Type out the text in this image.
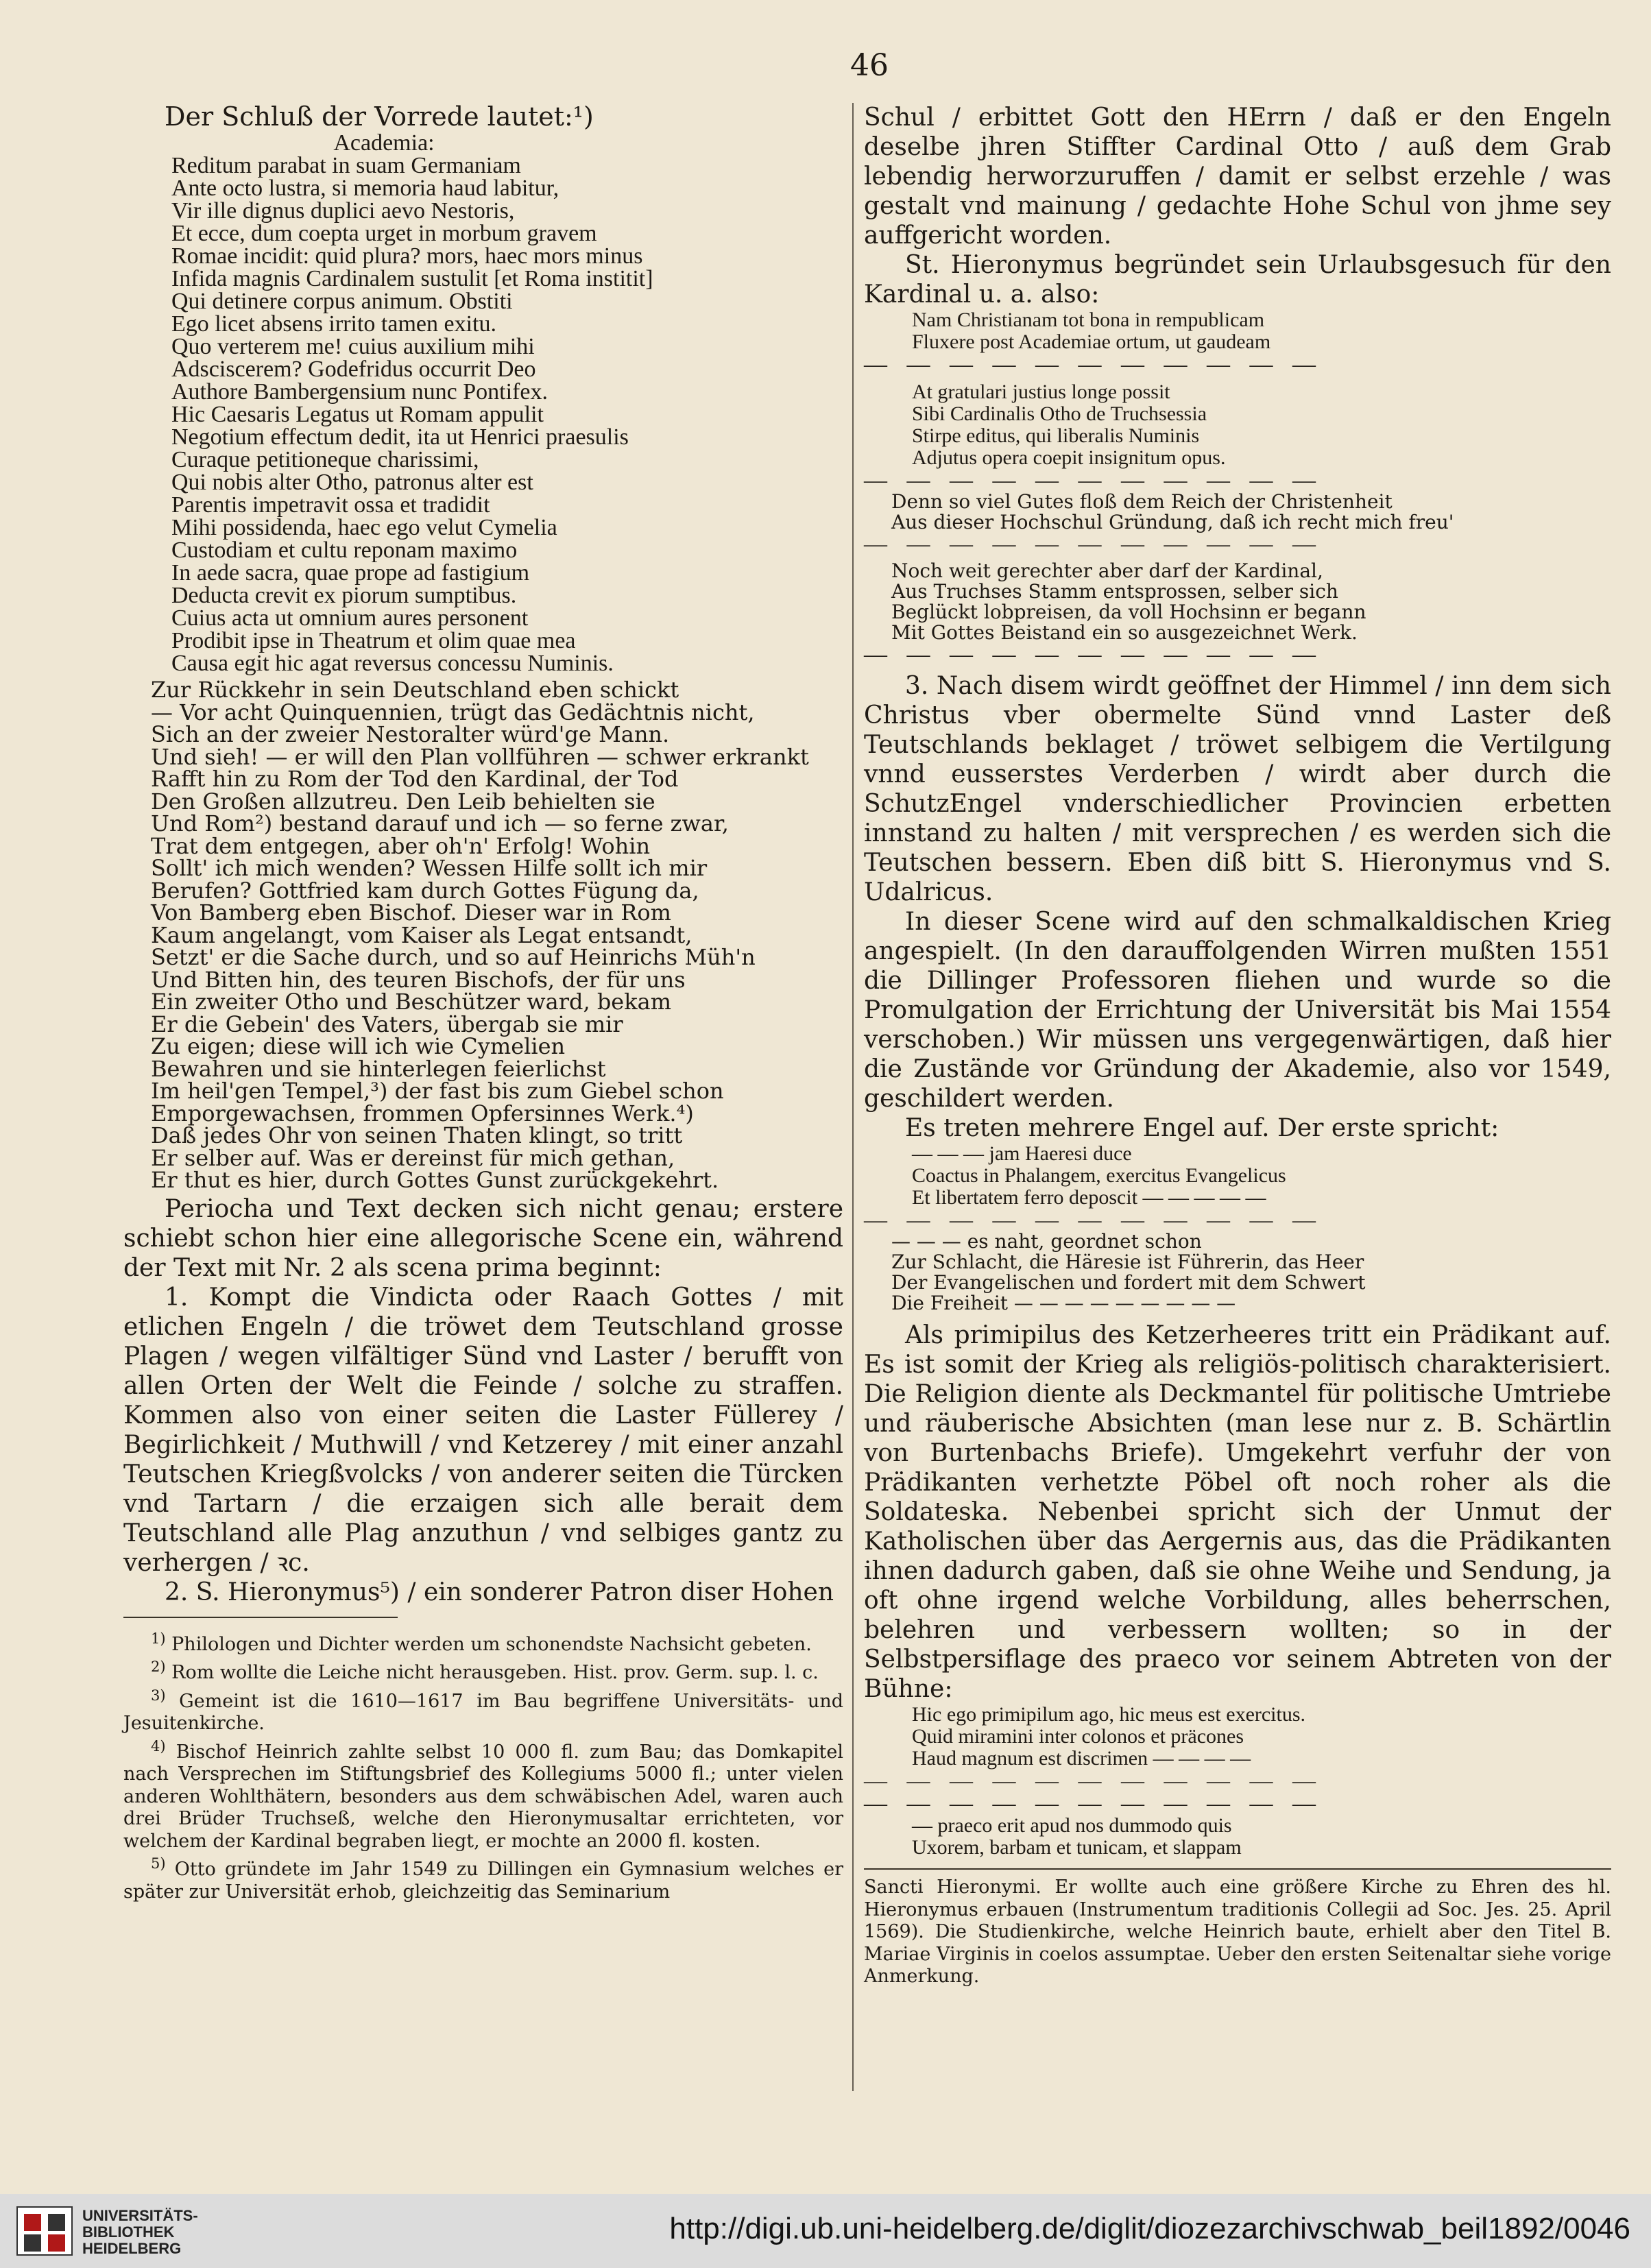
46
Der Schluß der Vorrede lautet:¹)
Academia:
Reditum parabat in suam Germaniam
Ante octo lustra, si memoria haud labitur,
Vir ille dignus duplici aevo Nestoris,
Et ecce, dum coepta urget in morbum gravem
Romae incidit: quid plura? mors, haec mors minus
Infida magnis Cardinalem sustulit [et Roma institit]
Qui detinere corpus animum. Obstiti
Ego licet absens irrito tamen exitu.
Quo verterem me! cuius auxilium mihi
Adsciscerem? Godefridus occurrit Deo
Authore Bambergensium nunc Pontifex.
Hic Caesaris Legatus ut Romam appulit
Negotium effectum dedit, ita ut Henrici praesulis
Curaque petitioneque charissimi,
Qui nobis alter Otho, patronus alter est
Parentis impetravit ossa et tradidit
Mihi possidenda, haec ego velut Cymelia
Custodiam et cultu reponam maximo
In aede sacra, quae prope ad fastigium
Deducta crevit ex piorum sumptibus.
Cuius acta ut omnium aures personent
Prodibit ipse in Theatrum et olim quae mea
Causa egit hic agat reversus concessu Numinis.
Zur Rückkehr in sein Deutschland eben schickt
— Vor acht Quinquennien, trügt das Gedächtnis nicht,
Sich an der zweier Nestoralter würd'ge Mann.
Und sieh! — er will den Plan vollführen — schwer erkrankt
Rafft hin zu Rom der Tod den Kardinal, der Tod
Den Großen allzutreu. Den Leib behielten sie
Und Rom²) bestand darauf und ich — so ferne zwar,
Trat dem entgegen, aber oh'n' Erfolg! Wohin
Sollt' ich mich wenden? Wessen Hilfe sollt ich mir
Berufen? Gottfried kam durch Gottes Fügung da,
Von Bamberg eben Bischof. Dieser war in Rom
Kaum angelangt, vom Kaiser als Legat entsandt,
Setzt' er die Sache durch, und so auf Heinrichs Müh'n
Und Bitten hin, des teuren Bischofs, der für uns
Ein zweiter Otho und Beschützer ward, bekam
Er die Gebein' des Vaters, übergab sie mir
Zu eigen; diese will ich wie Cymelien
Bewahren und sie hinterlegen feierlichst
Im heil'gen Tempel,³) der fast bis zum Giebel schon
Emporgewachsen, frommen Opfersinnes Werk.⁴)
Daß jedes Ohr von seinen Thaten klingt, so tritt
Er selber auf. Was er dereinst für mich gethan,
Er thut es hier, durch Gottes Gunst zurückgekehrt.
Periocha und Text decken sich nicht genau; erstere schiebt schon hier eine allegorische Scene ein, während der Text mit Nr. 2 als scena prima beginnt:
1. Kompt die Vindicta oder Raach Gottes / mit etlichen Engeln / die tröwet dem Teutschland grosse Plagen / wegen vilfältiger Sünd vnd Laster / berufft von allen Orten der Welt die Feinde / solche zu straffen. Kommen also von einer seiten die Laster Füllerey / Begirlichkeit / Muthwill / vnd Ketzerey / mit einer anzahl Teutschen Kriegßvolcks / von anderer seiten die Türcken vnd Tartarn / die erzaigen sich alle berait dem Teutschland alle Plag anzuthun / vnd selbiges gantz zu verhergen / ꝛc.
2. S. Hieronymus⁵) / ein sonderer Patron diser Hohen
$^{1)}$ Philologen und Dichter werden um schonendste Nachsicht gebeten.
$^{2)}$ Rom wollte die Leiche nicht herausgeben. Hist. prov. Germ. sup. l. c.
$^{3)}$ Gemeint ist die 1610—1617 im Bau begriffene Universitäts- und Jesuitenkirche.
$^{4)}$ Bischof Heinrich zahlte selbst 10 000 fl. zum Bau; das Domkapitel nach Versprechen im Stiftungsbrief des Kollegiums 5000 fl.; unter vielen anderen Wohlthätern, besonders aus dem schwäbischen Adel, waren auch drei Brüder Truchseß, welche den Hieronymusaltar errichteten, vor welchem der Kardinal begraben liegt, er mochte an 2000 fl. kosten.
$^{5)}$ Otto gründete im Jahr 1549 zu Dillingen ein Gymnasium welches er später zur Universität erhob, gleichzeitig das Seminarium
Schul / erbittet Gott den HErrn / daß er den Engeln deselbe jhren Stiffter Cardinal Otto / auß dem Grab lebendig herworzuruffen / damit er selbst erzehle / was gestalt vnd mainung / gedachte Hohe Schul von jhme sey auffgericht worden.
St. Hieronymus begründet sein Urlaubsgesuch für den Kardinal u. a. also:
Nam Christianam tot bona in rempublicam
Fluxere post Academiae ortum, ut gaudeam
— — — — — — — — — — —
At gratulari justius longe possit
Sibi Cardinalis Otho de Truchsessia
Stirpe editus, qui liberalis Numinis
Adjutus opera coepit insignitum opus.
— — — — — — — — — — —
Denn so viel Gutes floß dem Reich der Christenheit
Aus dieser Hochschul Gründung, daß ich recht mich freu'
— — — — — — — — — — —
Noch weit gerechter aber darf der Kardinal,
Aus Truchses Stamm entsprossen, selber sich
Beglückt lobpreisen, da voll Hochsinn er begann
Mit Gottes Beistand ein so ausgezeichnet Werk.
— — — — — — — — — — —
3. Nach disem wirdt geöffnet der Himmel / inn dem sich Christus vber obermelte Sünd vnnd Laster deß Teutschlands beklaget / tröwet selbigem die Vertilgung vnnd eusserstes Verderben / wirdt aber durch die SchutzEngel vnderschiedlicher Provincien erbetten innstand zu halten / mit versprechen / es werden sich die Teutschen bessern. Eben diß bitt S. Hieronymus vnd S. Udalricus.
In dieser Scene wird auf den schmalkaldischen Krieg angespielt. (In den darauffolgenden Wirren mußten 1551 die Dillinger Professoren fliehen und wurde so die Promulgation der Errichtung der Universität bis Mai 1554 verschoben.) Wir müssen uns vergegenwärtigen, daß hier die Zustände vor Gründung der Akademie, also vor 1549, geschildert werden.
Es treten mehrere Engel auf. Der erste spricht:
— — — jam Haeresi duce
Coactus in Phalangem, exercitus Evangelicus
Et libertatem ferro deposcit — — — — —
— — — — — — — — — — —
— — — es naht, geordnet schon
Zur Schlacht, die Häresie ist Führerin, das Heer
Der Evangelischen und fordert mit dem Schwert
Die Freiheit — — — — — — — — —
Als primipilus des Ketzerheeres tritt ein Prädikant auf. Es ist somit der Krieg als religiös-politisch charakterisiert. Die Religion diente als Deckmantel für politische Umtriebe und räuberische Absichten (man lese nur z. B. Schärtlin von Burtenbachs Briefe). Umgekehrt verfuhr der von Prädikanten verhetzte Pöbel oft noch roher als die Soldateska. Nebenbei spricht sich der Unmut der Katholischen über das Aergernis aus, das die Prädikanten ihnen dadurch gaben, daß sie ohne Weihe und Sendung, ja oft ohne irgend welche Vorbildung, alles beherrschen, belehren und verbessern wollten; so in der Selbstpersiflage des praeco vor seinem Abtreten von der Bühne:
Hic ego primipilum ago, hic meus est exercitus.
Quid miramini inter colonos et präcones
Haud magnum est discrimen — — — —
— — — — — — — — — — —
— — — — — — — — — — —
— praeco erit apud nos dummodo quis
Uxorem, barbam et tunicam, et slappam
Sancti Hieronymi. Er wollte auch eine größere Kirche zu Ehren des hl. Hieronymus erbauen (Instrumentum traditionis Collegii ad Soc. Jes. 25. April 1569). Die Studienkirche, welche Heinrich baute, erhielt aber den Titel B. Mariae Virginis in coelos assumptae. Ueber den ersten Seitenaltar siehe vorige Anmerkung.
UNIVERSITÄTS-
BIBLIOTHEK
HEIDELBERG
http://digi.ub.uni-heidelberg.de/diglit/diozezarchivschwab_beil1892/0046
